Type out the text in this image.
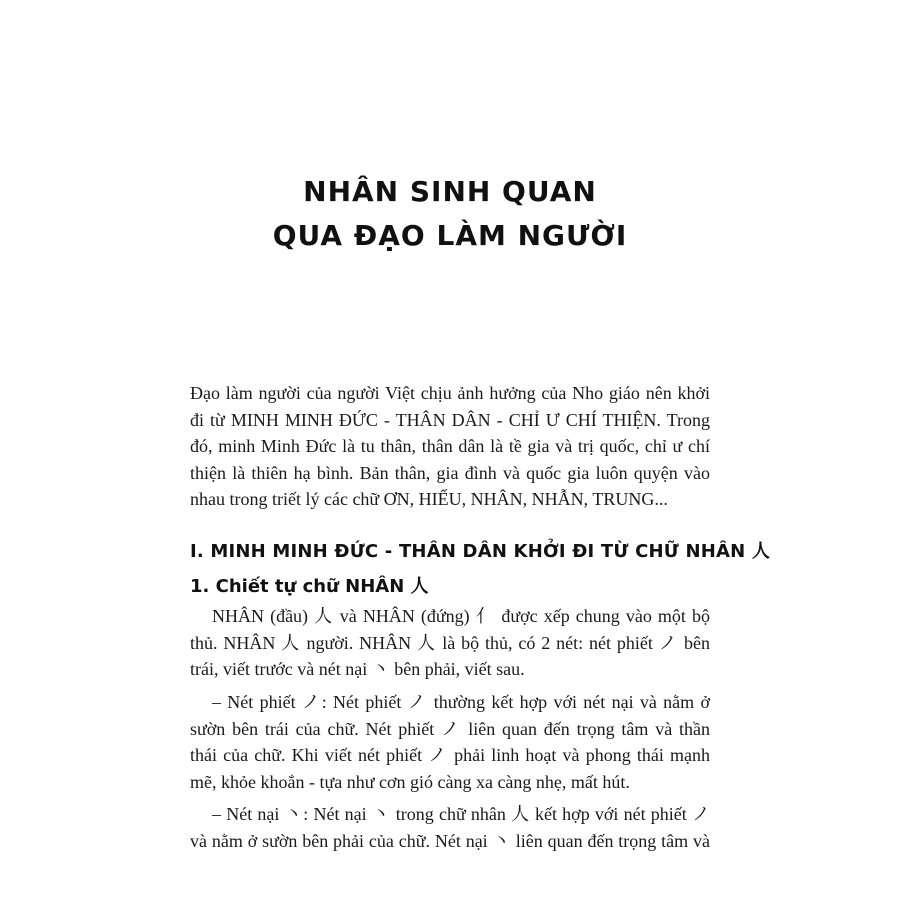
NHÂN SINH QUAN
QUA ĐẠO LÀM NGƯỜI
Đạo làm người của người Việt chịu ảnh hưởng của Nho giáo nên khởi
đi từ MINH MINH ĐỨC - THÂN DÂN - CHỈ Ư CHÍ THIỆN. Trong
đó, minh Minh Đức là tu thân, thân dân là tề gia và trị quốc, chỉ ư chí
thiện là thiên hạ bình. Bản thân, gia đình và quốc gia luôn quyện vào
nhau trong triết lý các chữ ƠN, HIẾU, NHÂN, NHẪN, TRUNG...
I. MINH MINH ĐỨC - THÂN DÂN KHỞI ĐI TỪ CHỮ NHÂN 人
1. Chiết tự chữ NHÂN 人
NHÂN (đầu) 人 và NHÂN (đứng) 亻 được xếp chung vào một bộ
thủ. NHÂN 人 người. NHÂN 人 là bộ thủ, có 2 nét: nét phiết ノ bên
trái, viết trước và nét nại 丶 bên phải, viết sau.
– Nét phiết ノ: Nét phiết ノ thường kết hợp với nét nại và nằm ở
sườn bên trái của chữ. Nét phiết ノ liên quan đến trọng tâm và thần
thái của chữ. Khi viết nét phiết ノ phải linh hoạt và phong thái mạnh
mẽ, khỏe khoắn - tựa như cơn gió càng xa càng nhẹ, mất hút.
– Nét nại 丶: Nét nại 丶 trong chữ nhân 人 kết hợp với nét phiết ノ
và nằm ở sườn bên phải của chữ. Nét nại 丶 liên quan đến trọng tâm và
